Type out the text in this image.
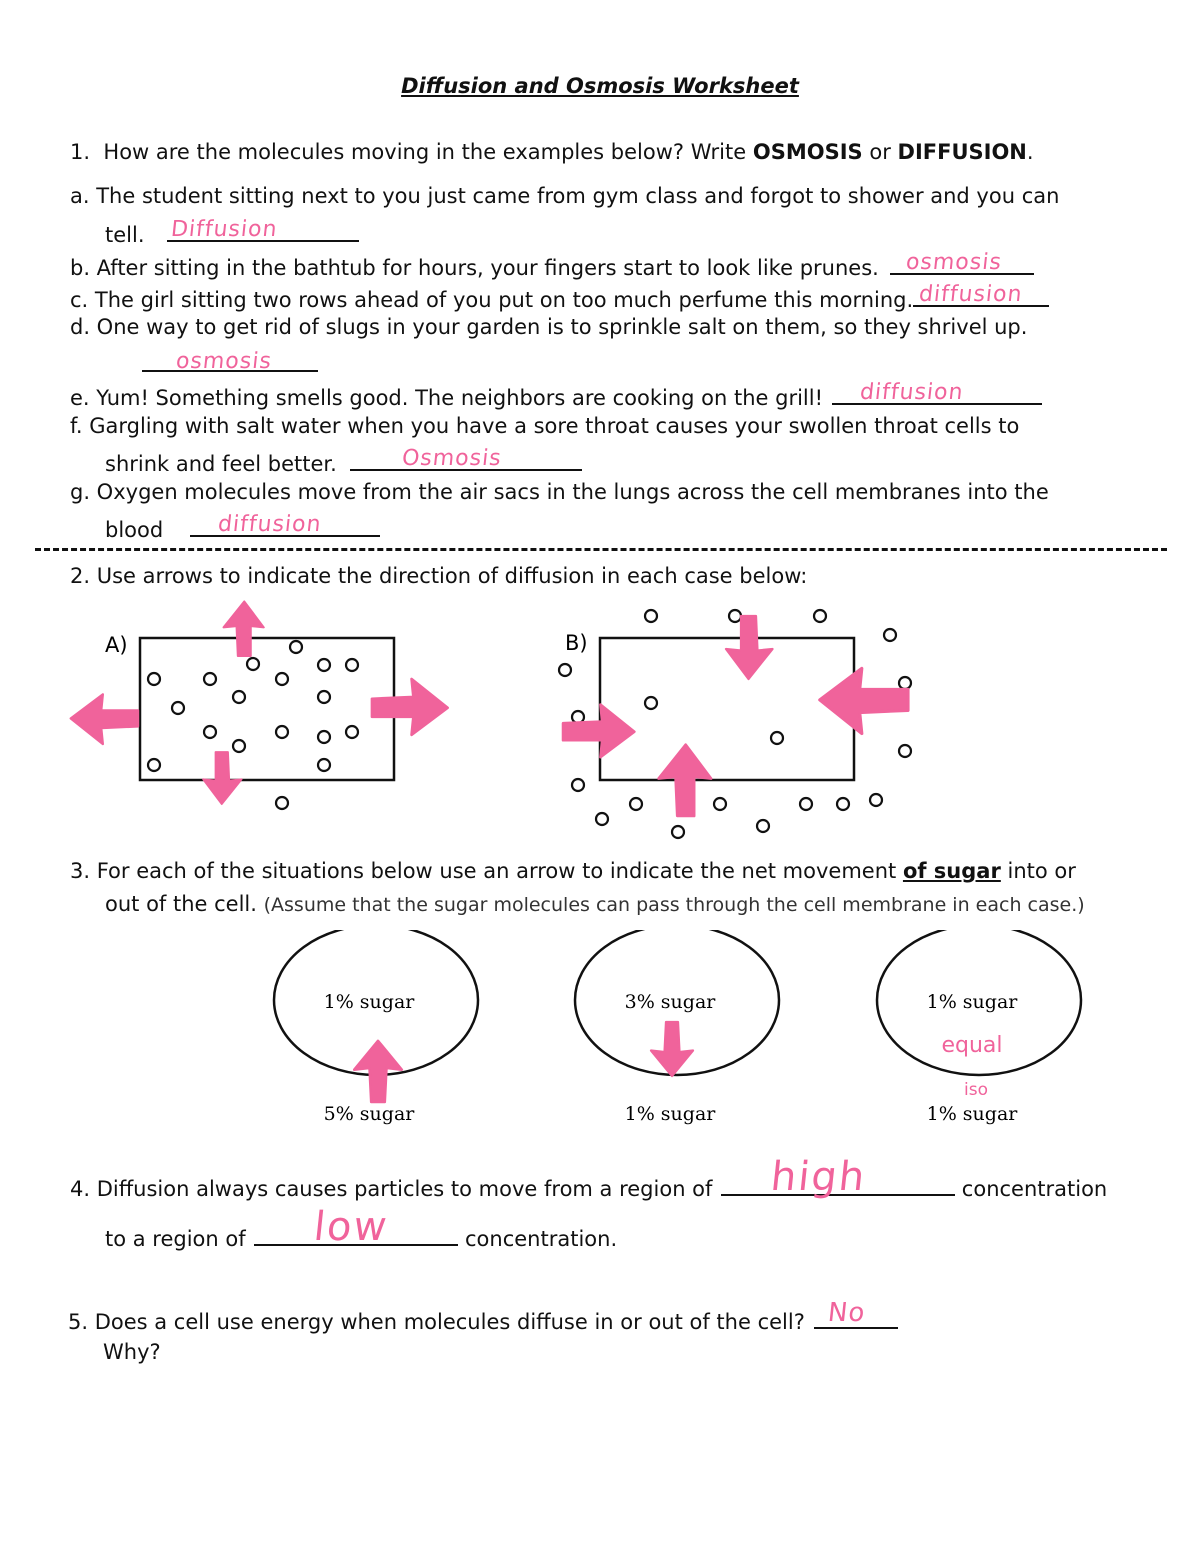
Diffusion and Osmosis Worksheet
1. How are the molecules moving in the examples below? Write OSMOSIS or DIFFUSION.
a. The student sitting next to you just came from gym class and forgot to shower and you can
tell. Diffusion
b. After sitting in the bathtub for hours, your fingers start to look like prunes. osmosis
c. The girl sitting two rows ahead of you put on too much perfume this morning. diffusion
d. One way to get rid of slugs in your garden is to sprinkle salt on them, so they shrivel up.
osmosis
e. Yum! Something smells good. The neighbors are cooking on the grill! diffusion
f. Gargling with salt water when you have a sore throat causes your swollen throat cells to
shrink and feel better.	Osmosis
g. Oxygen molecules move from the air sacs in the lungs across the cell membranes into the
blood diffusion
2. Use arrows to indicate the direction of diffusion in each case below:
A)	B)
3. For each of the situations below use an arrow to indicate the net movement of sugar into or
out of the cell. (Assume that the sugar molecules can pass through the cell membrane in each case.)
1% sugar
5% sugar
3% sugar
1% sugar
1% sugar
1% sugar
equal
iso
4. Diffusion always causes particles to move from a region of high	concentration
to a region of low	concentration.
5. Does a cell use energy when molecules diffuse in or out of the cell? No
Why?
